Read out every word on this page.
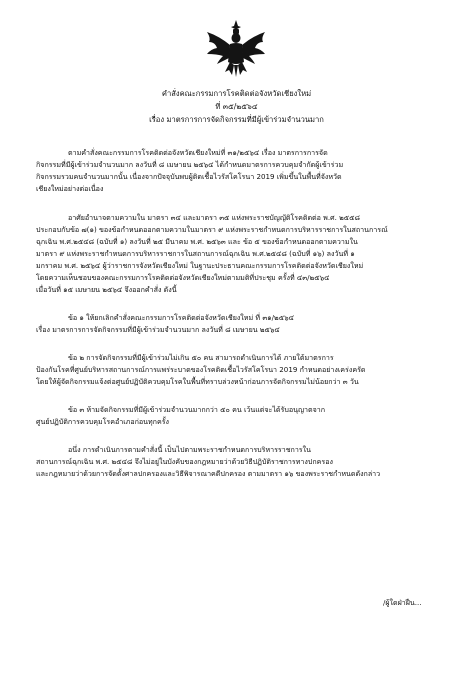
คำสั่งคณะกรรมการโรคติดต่อจังหวัดเชียงใหม่
ที่ ๓๕/๒๕๖๔
เรื่อง มาตรการการจัดกิจกรรมที่มีผู้เข้าร่วมจำนวนมาก
ตามคำสั่งคณะกรรมการโรคติดต่อจังหวัดเชียงใหม่ที่ ๓๑/๒๕๖๔ เรื่อง มาตรการการจัด
กิจกรรมที่มีผู้เข้าร่วมจำนวนมาก ลงวันที่ ๘ เมษายน ๒๕๖๔ ได้กำหนดมาตรการควบคุมจำกัดผู้เข้าร่วม
กิจกรรมรวมคนจำนวนมากนั้น เนื่องจากปัจจุบันพบผู้ติดเชื้อไวรัสโคโรนา 2019 เพิ่มขึ้นในพื้นที่จังหวัด
เชียงใหม่อย่างต่อเนื่อง
อาศัยอำนาจตามความใน มาตรา ๓๔ และมาตรา ๓๕ แห่งพระราชบัญญัติโรคติดต่อ พ.ศ. ๒๕๕๘
ประกอบกับข้อ ๗(๑) ของข้อกำหนดออกตามความในมาตรา ๙ แห่งพระราชกำหนดการบริหารราชการในสถานการณ์
ฉุกเฉิน พ.ศ.๒๕๔๘ (ฉบับที่ ๑) ลงวันที่ ๒๕ มีนาคม พ.ศ. ๒๕๖๓ และ ข้อ ๕ ของข้อกำหนดออกตามความใน
มาตรา ๙ แห่งพระราชกำหนดการบริหารราชการในสถานการณ์ฉุกเฉิน พ.ศ.๒๕๔๘ (ฉบับที่ ๑๖) ลงวันที่ ๑
มกราคม พ.ศ. ๒๕๖๔ ผู้ว่าราชการจังหวัดเชียงใหม่ ในฐานะประธานคณะกรรมการโรคติดต่อจังหวัดเชียงใหม่
โดยความเห็นชอบของคณะกรรมการโรคติดต่อจังหวัดเชียงใหม่ตามมติที่ประชุม ครั้งที่ ๔๓/๒๕๖๔
เมื่อวันที่ ๑๕ เมษายน ๒๕๖๔ จึงออกคำสั่ง ดังนี้
ข้อ ๑ ให้ยกเลิกคำสั่งคณะกรรมการโรคติดต่อจังหวัดเชียงใหม่ ที่ ๓๑/๒๕๖๔
เรื่อง มาตรการการจัดกิจกรรมที่มีผู้เข้าร่วมจำนวนมาก ลงวันที่ ๘ เมษายน ๒๕๖๔
ข้อ ๒ การจัดกิจกรรมที่มีผู้เข้าร่วมไม่เกิน ๕๐ คน สามารถดำเนินการได้ ภายใต้มาตรการ
ป้องกันโรคที่ศูนย์บริหารสถานการณ์การแพร่ระบาดของโรคติดเชื้อไวรัสโคโรนา 2019 กำหนดอย่างเคร่งครัด
โดยให้ผู้จัดกิจกรรมแจ้งต่อศูนย์ปฏิบัติควบคุมโรคในพื้นที่ทราบล่วงหน้าก่อนการจัดกิจกรรมไม่น้อยกว่า ๓ วัน
ข้อ ๓ ห้ามจัดกิจกรรมที่มีผู้เข้าร่วมจำนวนมากกว่า ๕๐ คน เว้นแต่จะได้รับอนุญาตจาก
ศูนย์ปฏิบัติการควบคุมโรคอำเภอก่อนทุกครั้ง
อนึ่ง การดำเนินการตามคำสั่งนี้ เป็นไปตามพระราชกำหนดการบริหารราชการใน
สถานการณ์ฉุกเฉิน พ.ศ. ๒๕๔๘ จึงไม่อยู่ในบังคับของกฎหมายว่าด้วยวิธีปฏิบัติราชการทางปกครอง
และกฎหมายว่าด้วยการจัดตั้งศาลปกครองและวิธีพิจารณาคดีปกครอง ตามมาตรา ๑๖ ของพระราชกำหนดดังกล่าว
/ผู้ใดฝ่าฝืน...
